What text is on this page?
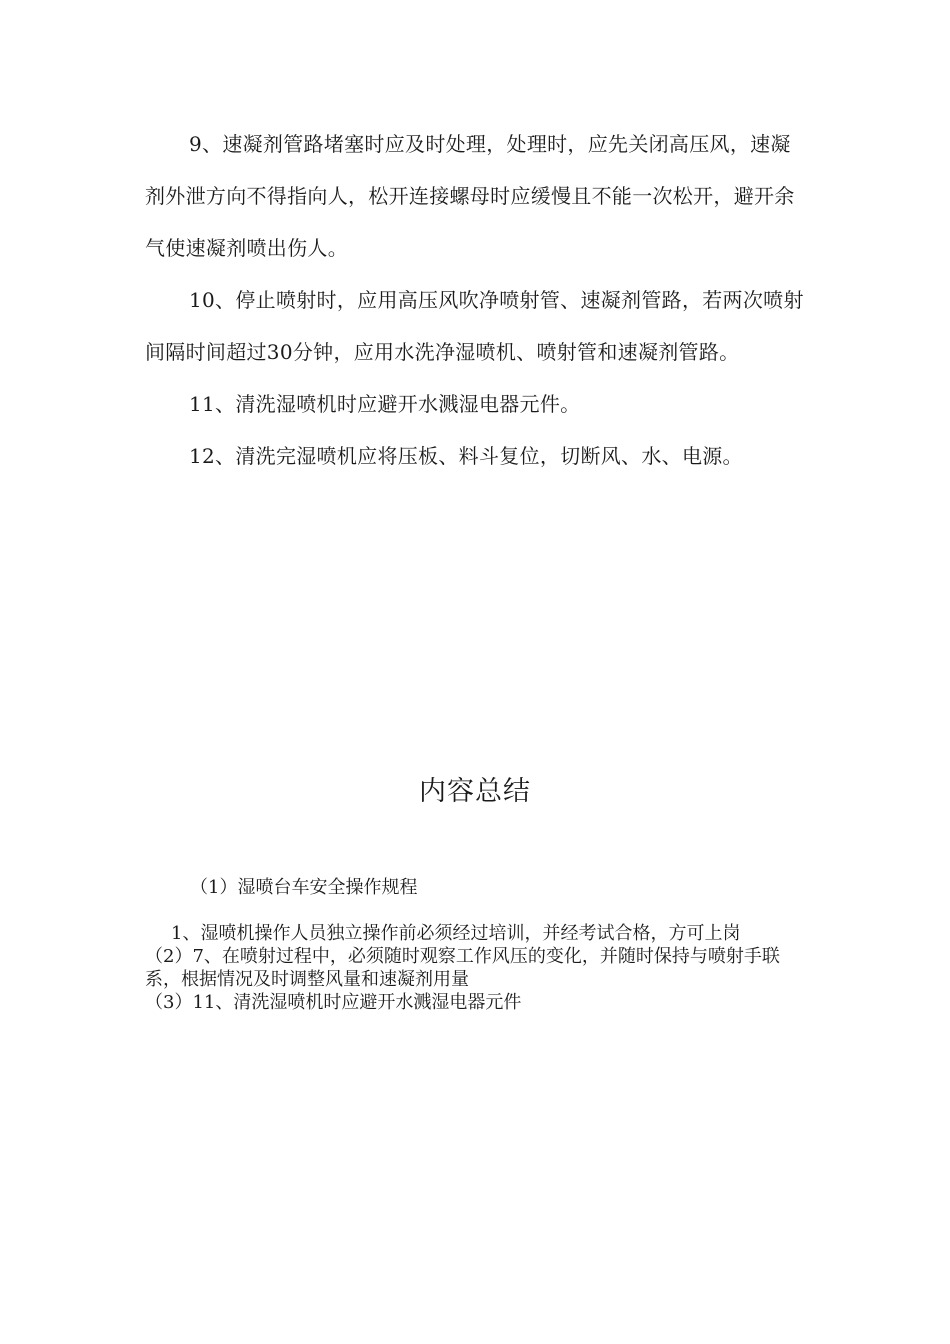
9、速凝剂管路堵塞时应及时处理，处理时，应先关闭高压风，速凝剂外泄方向不得指向人，松开连接螺母时应缓慢且不能一次松开，避开余气使速凝剂喷出伤人。

10、停止喷射时，应用高压风吹净喷射管、速凝剂管路，若两次喷射间隔时间超过30分钟，应用水洗净湿喷机、喷射管和速凝剂管路。

11、清洗湿喷机时应避开水溅湿电器元件。

12、清洗完湿喷机应将压板、料斗复位，切断风、水、电源。

内容总结

（1）湿喷台车安全操作规程

1、湿喷机操作人员独立操作前必须经过培训，并经考试合格，方可上岗

（2）7、在喷射过程中，必须随时观察工作风压的变化，并随时保持与喷射手联系，根据情况及时调整风量和速凝剂用量

（3）11、清洗湿喷机时应避开水溅湿电器元件
